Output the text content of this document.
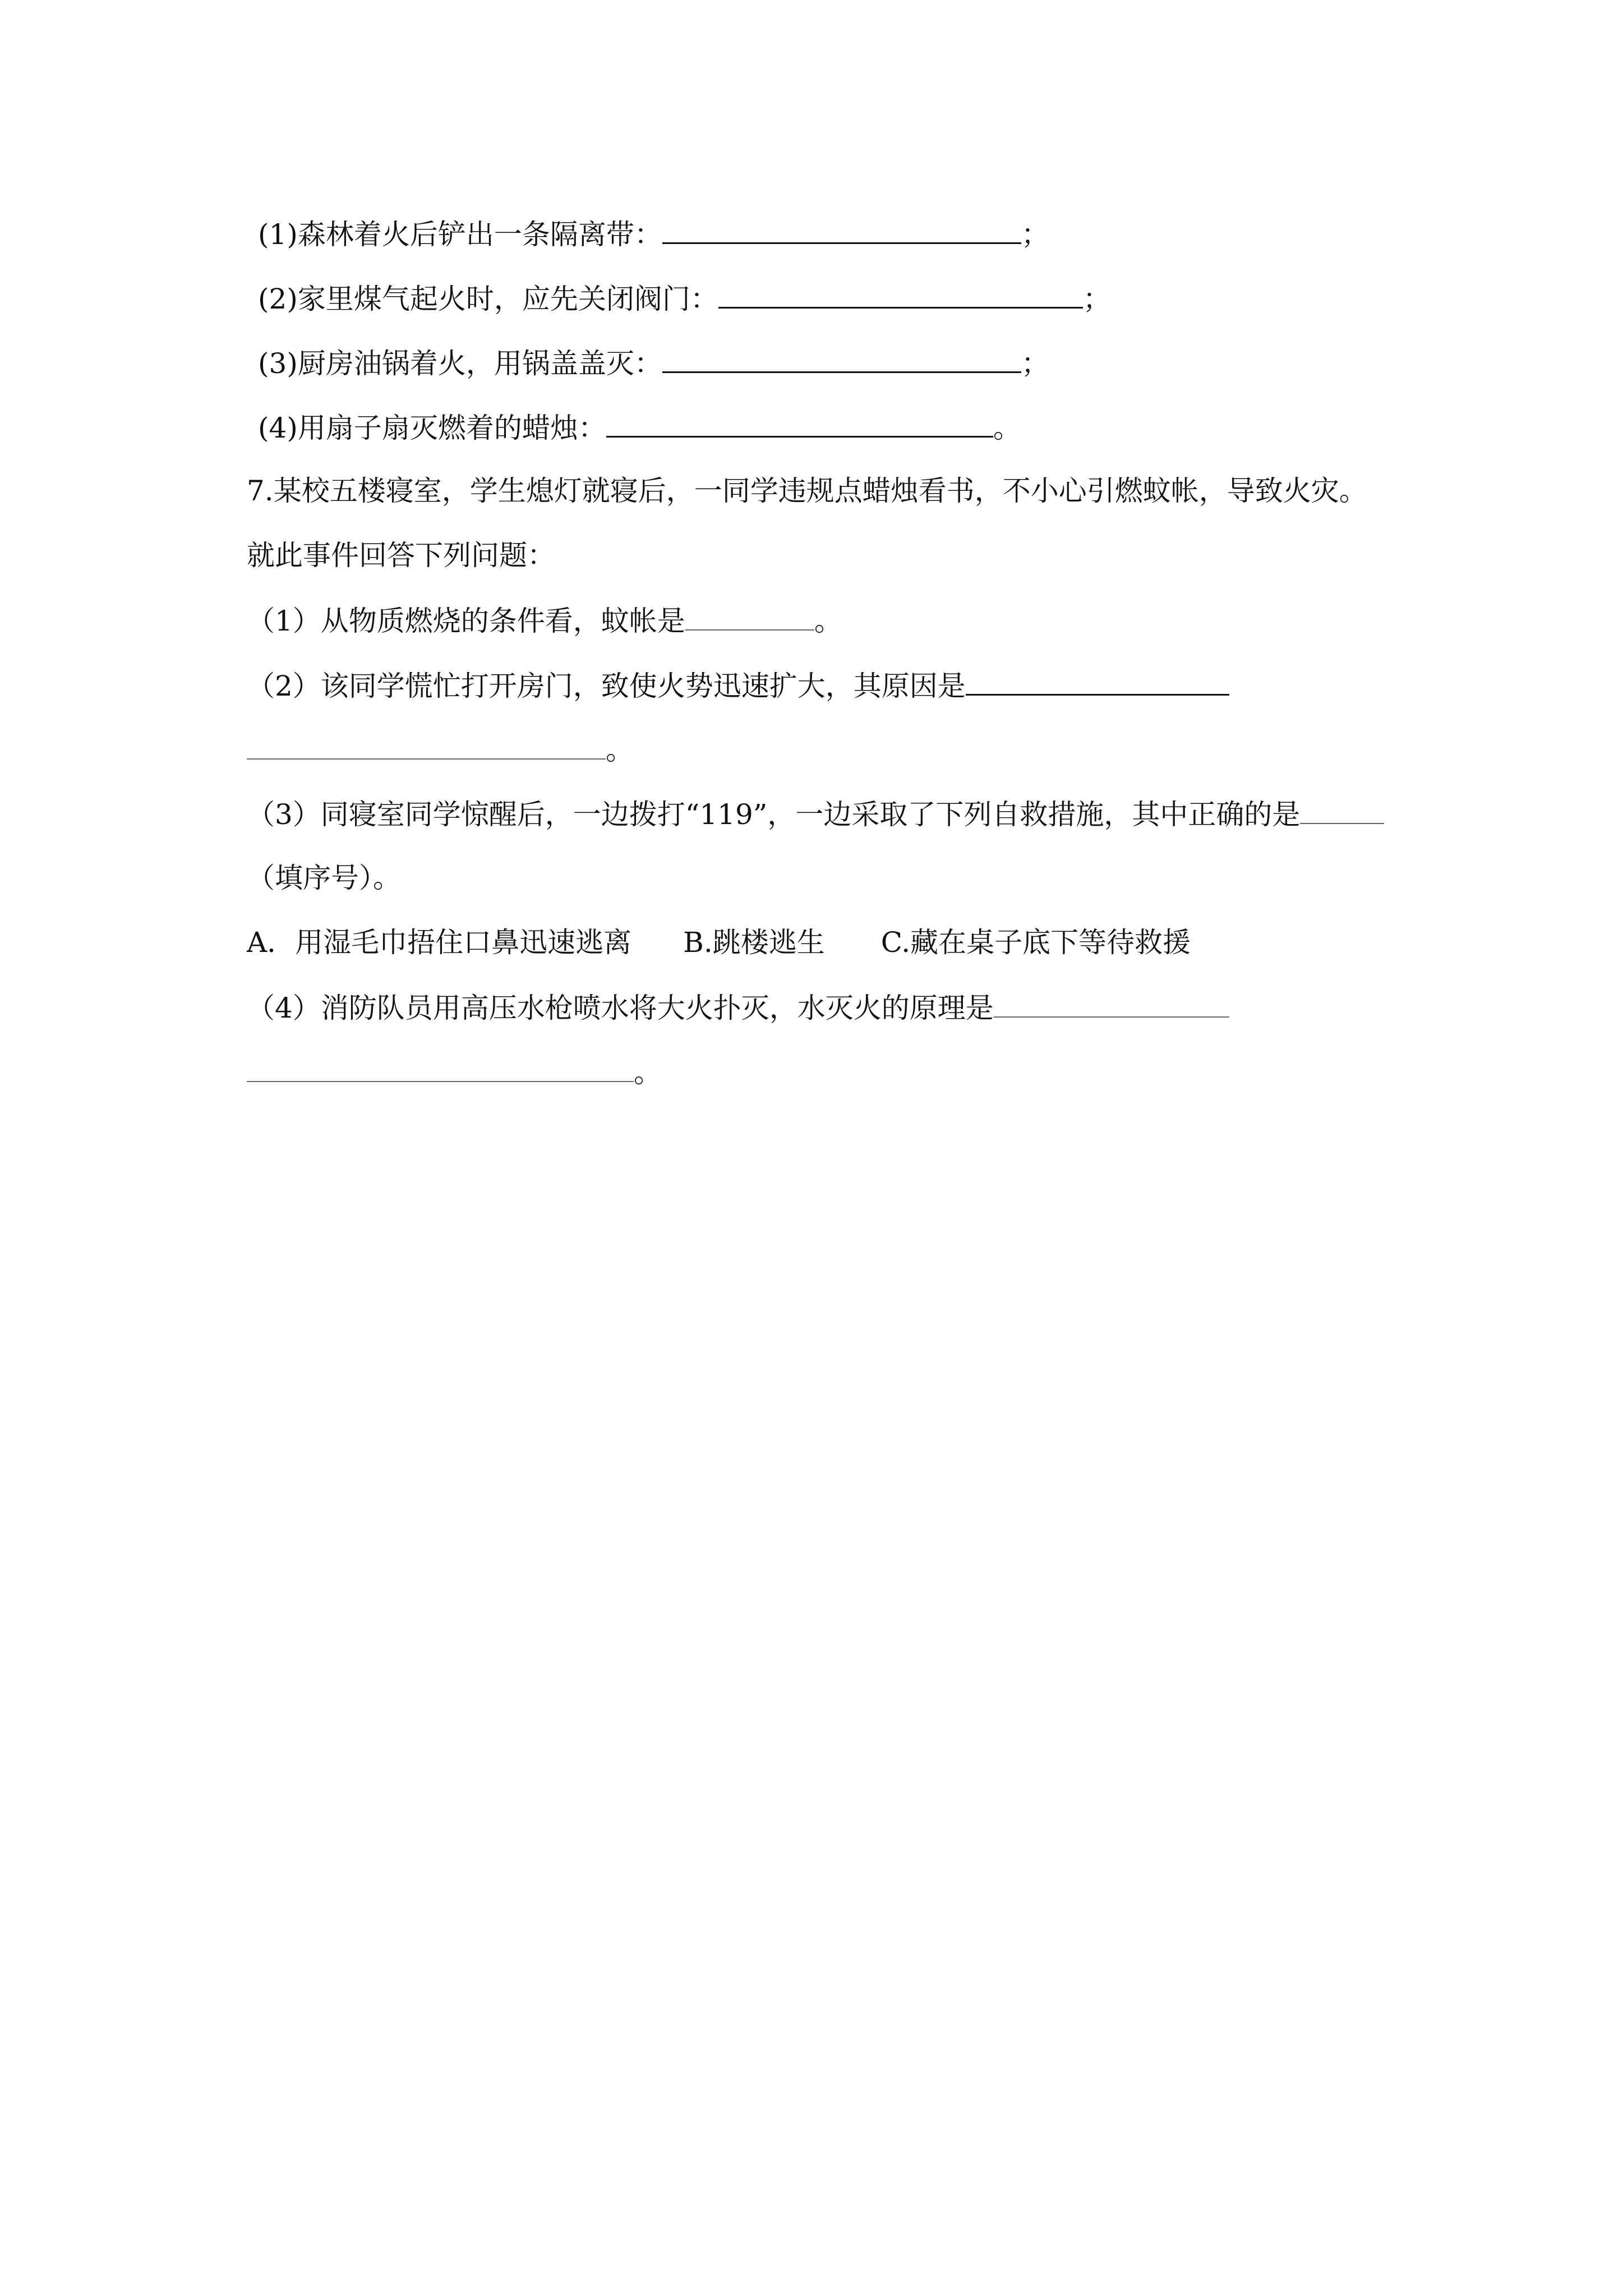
(1)森林着火后铲出一条隔离带：	；
(2)家里煤气起火时，应先关闭阀门：	；
(3)厨房油锅着火，用锅盖盖灭：	；
(4)用扇子扇灭燃着的蜡烛：	。
7.某校五楼寝室，学生熄灯就寝后，一同学违规点蜡烛看书，不小心引燃蚊帐，导致火灾。
就此事件回答下列问题：
（1）从物质燃烧的条件看，蚊帐是	。
（2）该同学慌忙打开房门，致使火势迅速扩大，其原因是
。
（3）同寝室同学惊醒后，一边拨打“119”，一边采取了下列自救措施，其中正确的是
（填序号）。
A．用湿毛巾捂住口鼻迅速逃离 B.跳楼逃生 C.藏在桌子底下等待救援
（4）消防队员用高压水枪喷水将大火扑灭，水灭火的原理是
。
